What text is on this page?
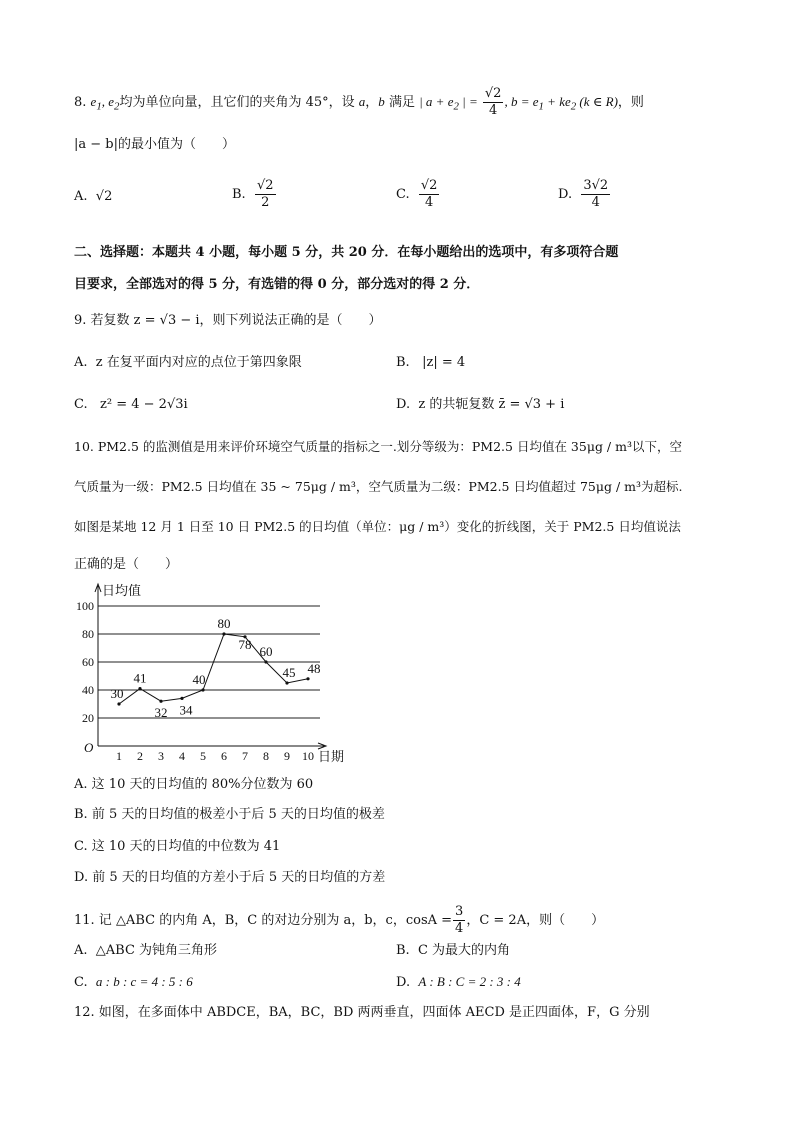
8. $e_1$, $e_2$均为单位向量，且它们的夹角为 45°，设 a，b 满足 | $a + e_2$ | = $\frac{√2}{4}$ , $b = e_1 + ke_2$ (k ∈ R)，则
|a − b|的最小值为（　　）
A. √2	B. $\frac{√2}{2}$	C. $\frac{√2}{4}$	D. $\frac{3√2}{4}$
二、选择题：本题共 4 小题，每小题 5 分，共 20 分．在每小题给出的选项中，有多项符合题
目要求，全部选对的得 5 分，有选错的得 0 分，部分选对的得 2 分．
9. 若复数 z = √3 − i，则下列说法正确的是（　　）
A. z 在复平面内对应的点位于第四象限	B. |z| = 4
C. z² = 4 − 2√3i	D. z 的共轭复数 z̄ = √3 + i
10. PM2.5 的监测值是用来评价环境空气质量的指标之一.划分等级为：PM2.5 日均值在 35μg / m³以下，空
气质量为一级：PM2.5 日均值在 35 ~ 75μg / m³，空气质量为二级：PM2.5 日均值超过 75μg / m³为超标.
如图是某地 12 月 1 日至 10 日 PM2.5 的日均值（单位：μg / m³）变化的折线图，关于 PM2.5 日均值说法
正确的是（　　）
20
40
60
80
100
日均值
日期
O
1 2 3 4 5 6 7 8 9 10
30
41
32 34
40
80
78 60
45 48
A. 这 10 天的日均值的 80%分位数为 60
B. 前 5 天的日均值的极差小于后 5 天的日均值的极差
C. 这 10 天的日均值的中位数为 41
D. 前 5 天的日均值的方差小于后 5 天的日均值的方差
11. 记 △ABC 的内角 A，B，C 的对边分别为 a，b，c，$\cos A = \frac{3}{4}$ ，C = 2A，则（　　）
A. △ABC 为钝角三角形	B. C 为最大的内角
C. a : b : c = 4 : 5 : 6	D. A : B : C = 2 : 3 : 4
12. 如图，在多面体中 ABDCE，BA，BC，BD 两两垂直，四面体 AECD 是正四面体，F，G 分别
